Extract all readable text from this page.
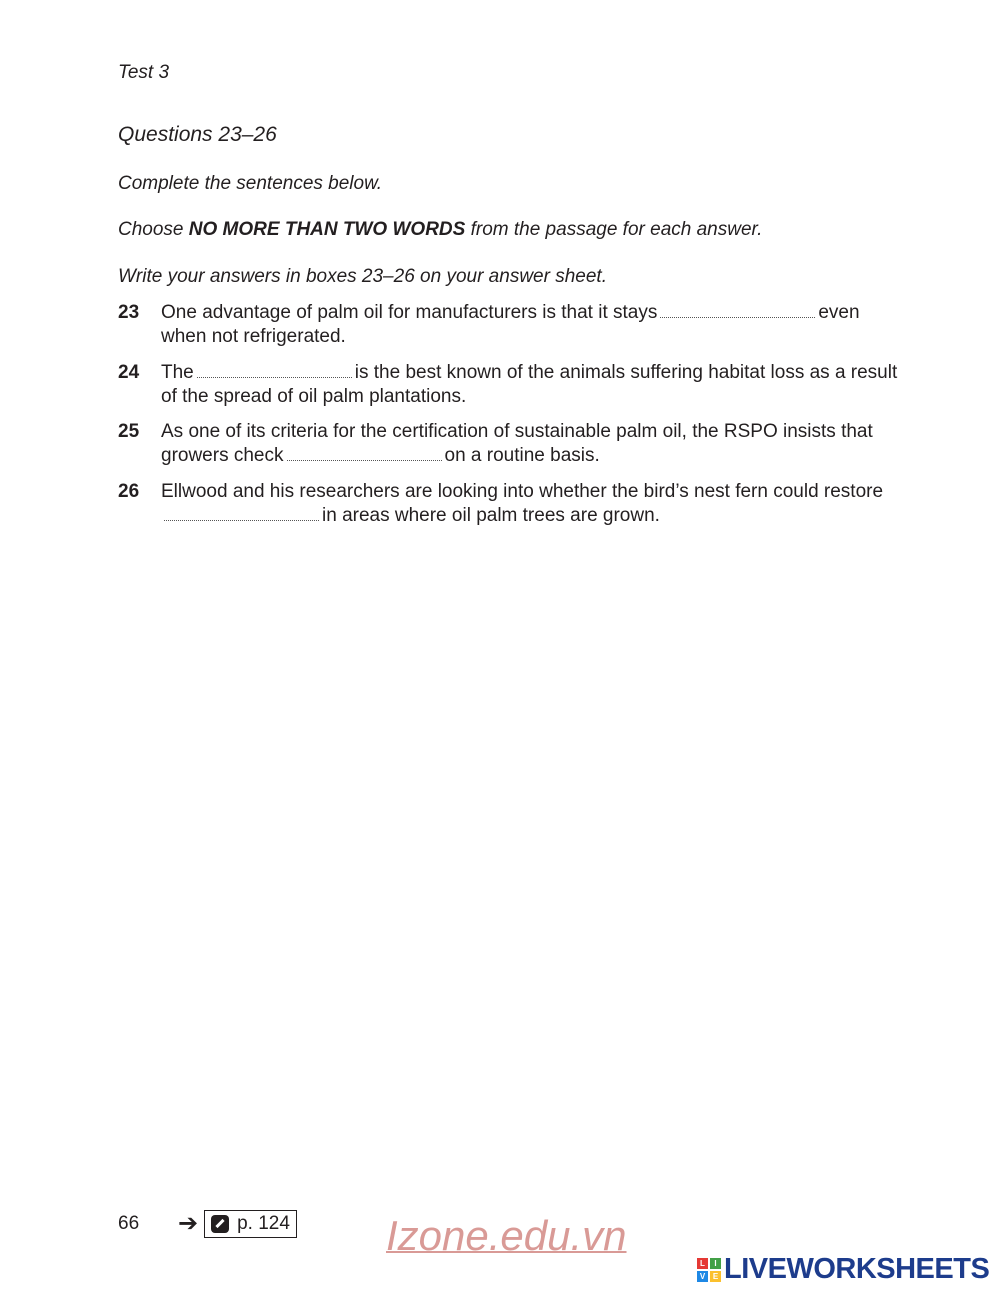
Test 3
Questions 23–26
Complete the sentences below.
Choose NO MORE THAN TWO WORDS from the passage for each answer.
Write your answers in boxes 23–26 on your answer sheet.
23 One advantage of palm oil for manufacturers is that it stays	even when not refrigerated.
24 The	is the best known of the animals suffering habitat loss as a result of the spread of oil palm plantations.
25 As one of its criteria for the certification of sustainable palm oil, the RSPO insists that growers check	on a routine basis.
26 Ellwood and his researchers are looking into whether the bird’s nest fern could restorein areas where oil palm trees are grown.
66 ➔ p. 124 Izone.edu.vn
L	I
V E LIVEWORKSHEETS
